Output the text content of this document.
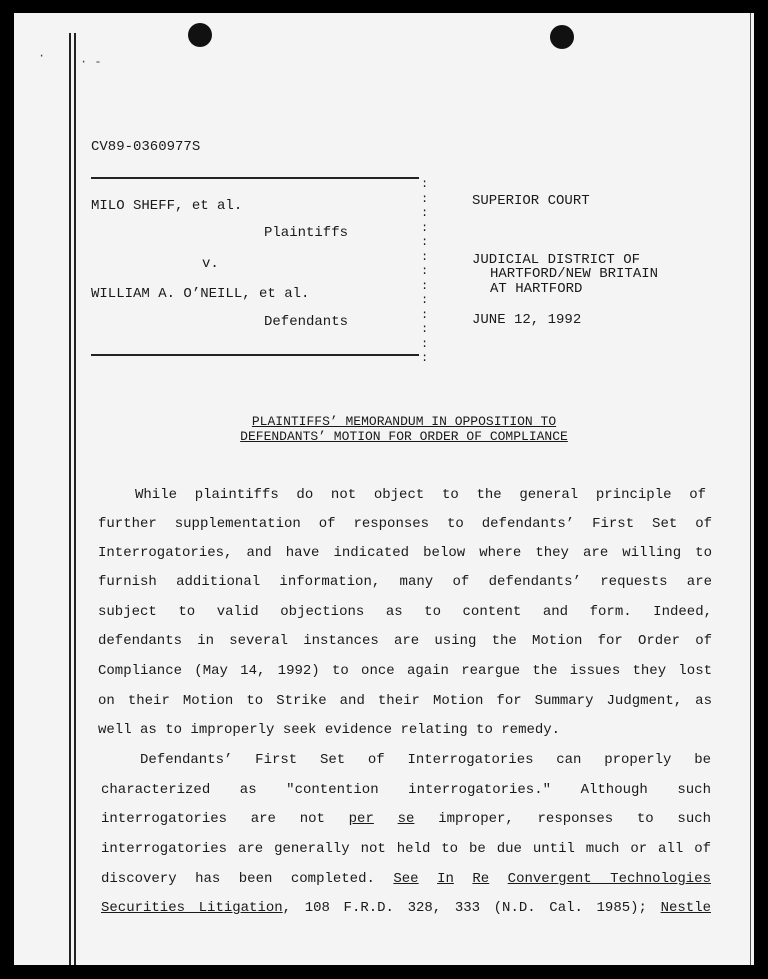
·	· -
CV89-0360977S
:
:
:
:
:
:
:
:
:
:
:
:
:
MILO SHEFF, et al.
Plaintiffs
v.
WILLIAM A. O’NEILL, et al.
Defendants
SUPERIOR COURT
JUDICIAL DISTRICT OF
HARTFORD/NEW BRITAIN
AT HARTFORD
JUNE 12, 1992
PLAINTIFFS’ MEMORANDUM IN OPPOSITION TO
DEFENDANTS’ MOTION FOR ORDER OF COMPLIANCE
While plaintiffs do not object to the general principle of
further supplementation of responses to defendants’ First Set of
Interrogatories, and have indicated below where they are willing to
furnish additional information, many of defendants’ requests are
subject to valid objections as to content and form. Indeed,
defendants in several instances are using the Motion for Order of
Compliance (May 14, 1992) to once again reargue the issues they lost
on their Motion to Strike and their Motion for Summary Judgment, as
well as to improperly seek evidence relating to remedy.
Defendants’ First Set of Interrogatories can properly be
characterized as "contention interrogatories." Although such
interrogatories are not per se improper, responses to such
interrogatories are generally not held to be due until much or all of
discovery has been completed. See In Re Convergent Technologies
Securities Litigation, 108 F.R.D. 328, 333 (N.D. Cal. 1985); Nestle
